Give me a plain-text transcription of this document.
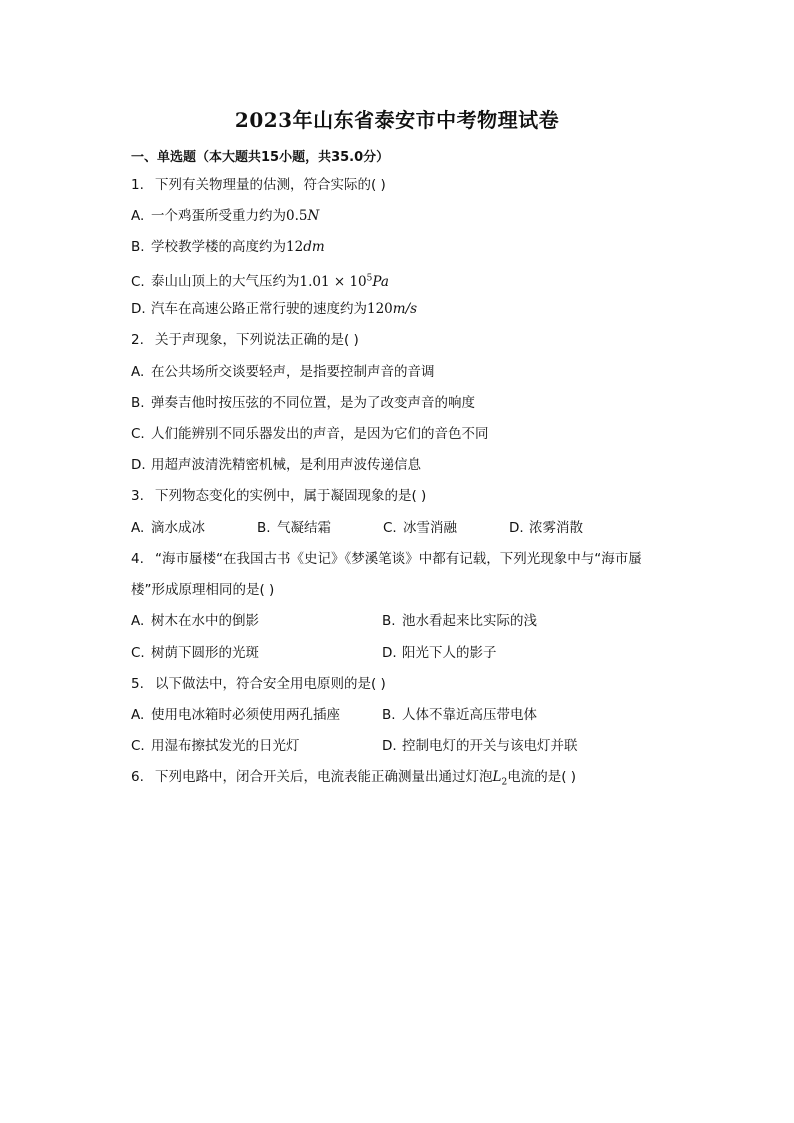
2023年山东省泰安市中考物理试卷
一、单选题（本大题共15小题，共35.0分）
1. 下列有关物理量的估测，符合实际的( )
A. 一个鸡蛋所受重力约为0.5N
B. 学校教学楼的高度约为12dm
C. 泰山山顶上的大气压约为$1.01 \times 10^5Pa$
D. 汽车在高速公路正常行驶的速度约为120m/s
2. 关于声现象，下列说法正确的是( )
A. 在公共场所交谈要轻声，是指要控制声音的音调
B. 弹奏吉他时按压弦的不同位置，是为了改变声音的响度
C. 人们能辨别不同乐器发出的声音，是因为它们的音色不同
D. 用超声波清洗精密机械，是利用声波传递信息
3. 下列物态变化的实例中，属于凝固现象的是( )
A. 滴水成冰	B. 气凝结霜	C. 冰雪消融	D. 浓雾消散
4. “海市蜃楼“在我国古书《史记》《梦溪笔谈》中都有记载，下列光现象中与“海市蜃
楼”形成原理相同的是( )
A. 树木在水中的倒影	B. 池水看起来比实际的浅
C. 树荫下圆形的光斑	D. 阳光下人的影子
5. 以下做法中，符合安全用电原则的是( )
A. 使用电冰箱时必须使用两孔插座	B. 人体不靠近高压带电体
C. 用湿布擦拭发光的日光灯	D. 控制电灯的开关与该电灯并联
6. 下列电路中，闭合开关后，电流表能正确测量出通过灯泡$L_2$电流的是( )
